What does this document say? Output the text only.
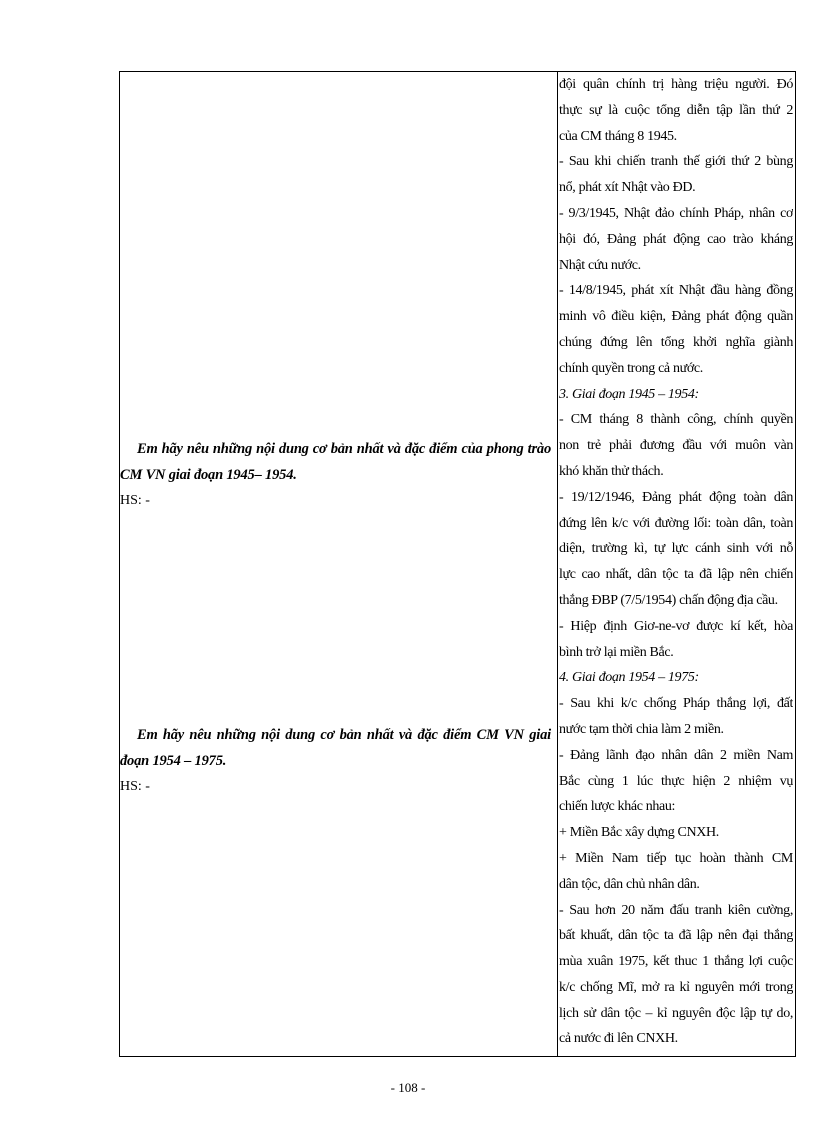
Em hãy nêu những nội dung cơ bản nhất và đặc điểm của phong trào CM VN giai đoạn 1945– 1954.
HS: -
Em hãy nêu những nội dung cơ bản nhất và đặc điểm CM VN giai đoạn 1954 – 1975.
HS: -
đội quân chính trị hàng triệu người. Đó
thực sự là cuộc tổng diễn tập lần thứ 2
của CM tháng 8 1945.
- Sau khi chiến tranh thế giới thứ 2 bùng
nổ, phát xít Nhật vào ĐD.
- 9/3/1945, Nhật đảo chính Pháp, nhân cơ
hội đó, Đảng phát động cao trào kháng
Nhật cứu nước.
- 14/8/1945, phát xít Nhật đầu hàng đồng
minh vô điều kiện, Đảng phát động quần
chúng đứng lên tổng khởi nghĩa giành
chính quyền trong cả nước.
3. Giai đoạn 1945 – 1954:
- CM tháng 8 thành công, chính quyền
non trẻ phải đương đầu với muôn vàn
khó khăn thử thách.
- 19/12/1946, Đảng phát động toàn dân
đứng lên k/c với đường lối: toàn dân, toàn
diện, trường kì, tự lực cánh sinh với nỗ
lực cao nhất, dân tộc ta đã lập nên chiến
thắng ĐBP (7/5/1954) chấn động địa cầu.
- Hiệp định Giơ-ne-vơ được kí kết, hòa
bình trở lại miền Bắc.
4. Giai đoạn 1954 – 1975:
- Sau khi k/c chống Pháp thắng lợi, đất
nước tạm thời chia làm 2 miền.
- Đảng lãnh đạo nhân dân 2 miền Nam
Bắc cùng 1 lúc thực hiện 2 nhiệm vụ
chiến lược khác nhau:
+ Miền Bắc xây dựng CNXH.
+ Miền Nam tiếp tục hoàn thành CM
dân tộc, dân chủ nhân dân.
- Sau hơn 20 năm đấu tranh kiên cường,
bất khuất, dân tộc ta đã lập nên đại thắng
mùa xuân 1975, kết thuc 1 thắng lợi cuộc
k/c chống Mĩ, mở ra kỉ nguyên mới trong
lịch sử dân tộc – kỉ nguyên độc lập tự do,
cả nước đi lên CNXH.
- 108 -
